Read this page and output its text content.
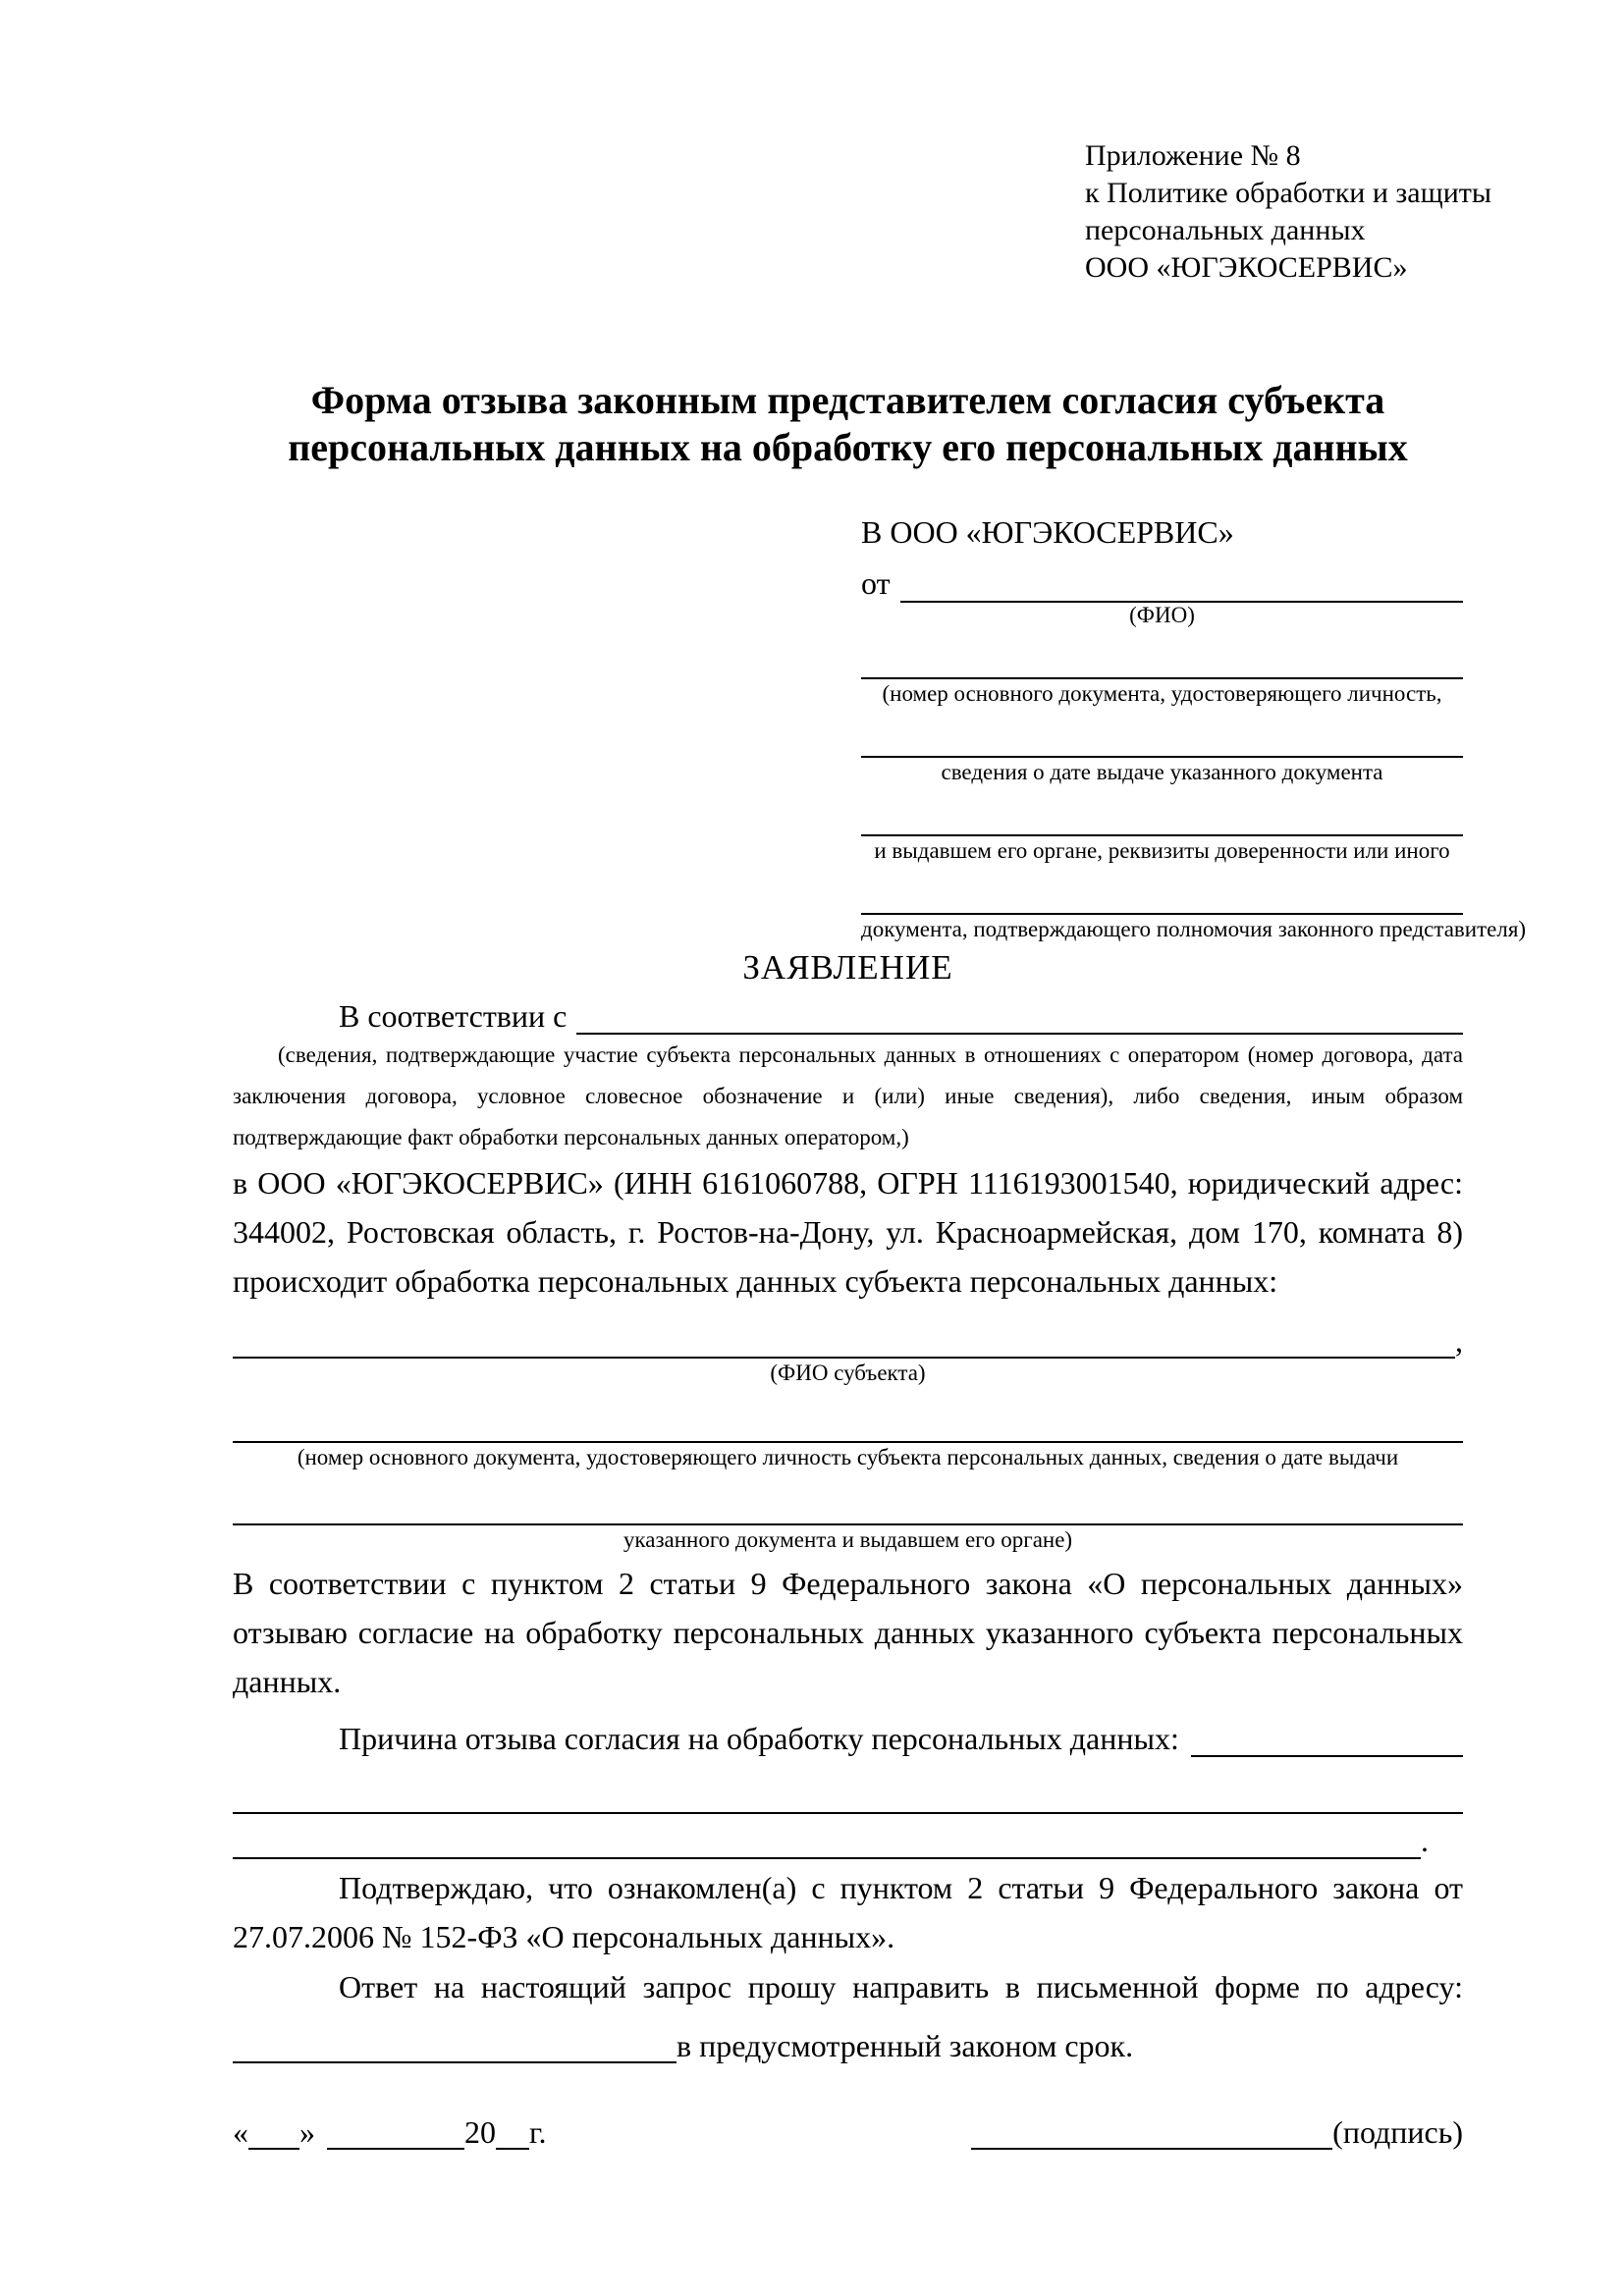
Приложение № 8
к Политике обработки и защиты
персональных данных
ООО «ЮГЭКОСЕРВИС»
Форма отзыва законным представителем согласия субъекта персональных данных на обработку его персональных данных
В ООО «ЮГЭКОСЕРВИС»
от
(ФИО)
(номер основного документа, удостоверяющего личность,
сведения о дате выдаче указанного документа
и выдавшем его органе, реквизиты доверенности или иного
документа, подтверждающего полномочия законного представителя)
ЗАЯВЛЕНИЕ
В соответствии с
(сведения, подтверждающие участие субъекта персональных данных в отношениях с оператором (номер договора, дата заключения договора, условное словесное обозначение и (или) иные сведения), либо сведения, иным образом подтверждающие факт обработки персональных данных оператором,)
в ООО «ЮГЭКОСЕРВИС» (ИНН 6161060788, ОГРН 1116193001540, юридический адрес: 344002, Ростовская область, г. Ростов-на-Дону, ул. Красноармейская, дом 170, комната 8) происходит обработка персональных данных субъекта персональных данных:
,
(ФИО субъекта)
(номер основного документа, удостоверяющего личность субъекта персональных данных, сведения о дате выдачи
указанного документа и выдавшем его органе)
В соответствии с пунктом 2 статьи 9 Федерального закона «О персональных данных» отзываю согласие на обработку персональных данных указанного субъекта персональных данных.
Причина отзыва согласия на обработку персональных данных:
.
Подтверждаю, что ознакомлен(а) с пунктом 2 статьи 9 Федерального закона от 27.07.2006 № 152-ФЗ «О персональных данных».
Ответ на настоящий запрос прошу направить в письменной форме по адресу:
в предусмотренный законом срок.
« »	20 г.	(подпись)
